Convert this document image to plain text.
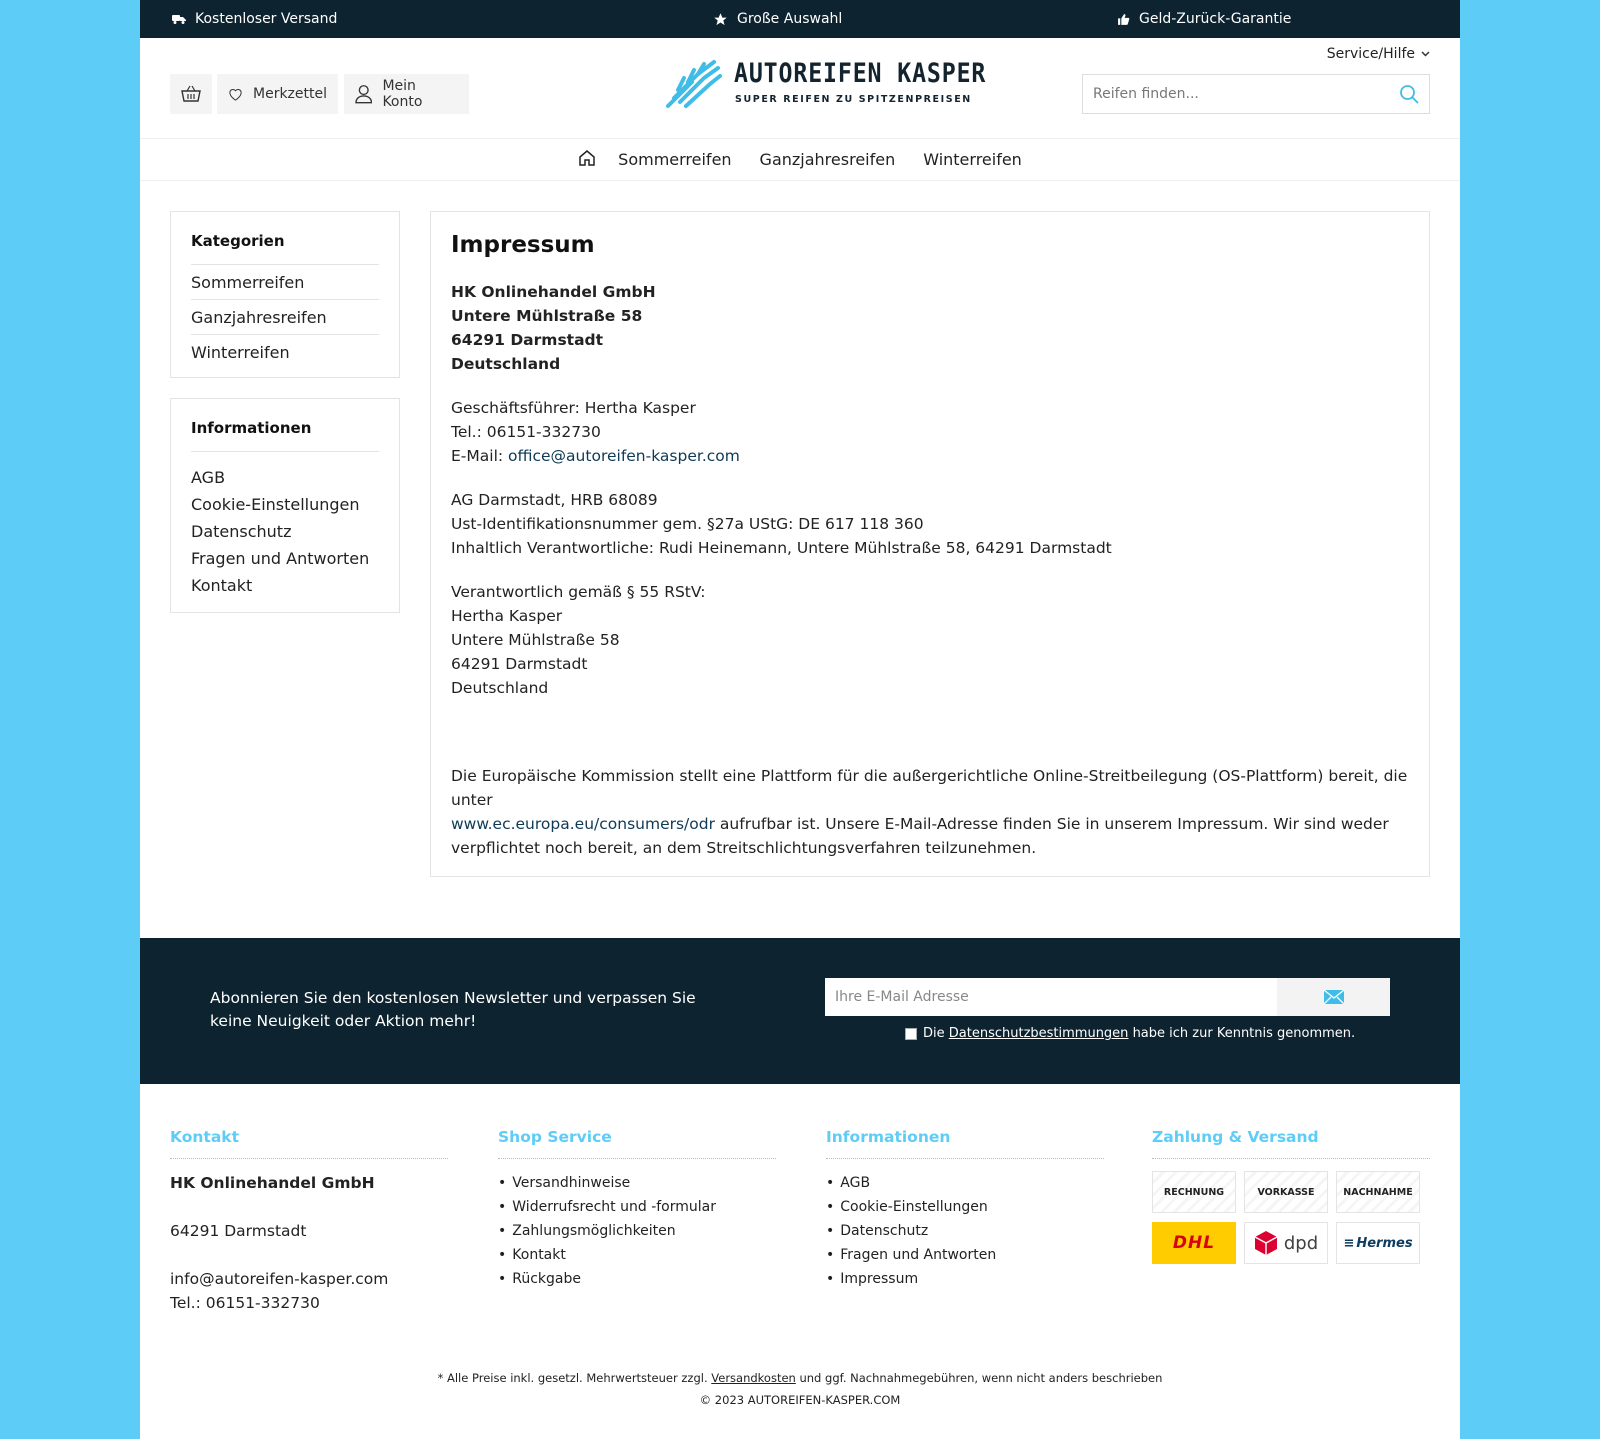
Kostenloser Versand	Große Auswahl	Geld-Zurück-Garantie
Service/Hilfe
Merkzettel	Mein Konto
AUTOREIFEN KASPER
SUPER REIFEN ZU SPITZENPREISEN
Reifen finden...
Sommerreifen Ganzjahresreifen Winterreifen
Kategorien
Sommerreifen
Ganzjahresreifen
Winterreifen
Informationen
AGB
Cookie-Einstellungen
Datenschutz
Fragen und Antworten
Kontakt
Impressum

HK Onlinehandel GmbH

Untere Mühlstraße 58

64291 Darmstadt

Deutschland

Geschäftsführer: Hertha Kasper

Tel.: 06151-332730

E-Mail: office@autoreifen-kasper.com

AG Darmstadt, HRB 68089

Ust-Identifikationsnummer gem. §27a UStG: DE 617 118 360

Inhaltlich Verantwortliche: Rudi Heinemann, Untere Mühlstraße 58, 64291 Darmstadt

Verantwortlich gemäß § 55 RStV:

Hertha Kasper

Untere Mühlstraße 58

64291 Darmstadt

Deutschland

Die Europäische Kommission stellt eine Plattform für die außergerichtliche Online-Streitbeilegung (OS-Plattform) bereit, die unter
www.ec.europa.eu/consumers/odr aufrufbar ist. Unsere E-Mail-Adresse finden Sie in unserem Impressum. Wir sind weder verpflichtet noch bereit, an dem Streitschlichtungsverfahren teilzunehmen.

Abonnieren Sie den kostenlosen Newsletter und verpassen Sie keine Neuigkeit oder Aktion mehr!
Ihre E-Mail Adresse
Die Datenschutzbestimmungen habe ich zur Kenntnis genommen.
Kontakt

HK Onlinehandel GmbH

64291 Darmstadt

info@autoreifen-kasper.com

Tel.: 06151-332730

Shop Service
• Versandhinweise
• Widerrufsrecht und -formular
• Zahlungsmöglichkeiten
• Kontakt
• Rückgabe
Informationen
• AGB
• Cookie-Einstellungen
• Datenschutz
• Fragen und Antworten
• Impressum
Zahlung & Versand
RECHNUNG	VORKASSE	NACHNAHME
DHL	dpd ≡ Hermes
* Alle Preise inkl. gesetzl. Mehrwertsteuer zzgl. Versandkosten und ggf. Nachnahmegebühren, wenn nicht anders beschrieben
© 2023 AUTOREIFEN-KASPER.COM
